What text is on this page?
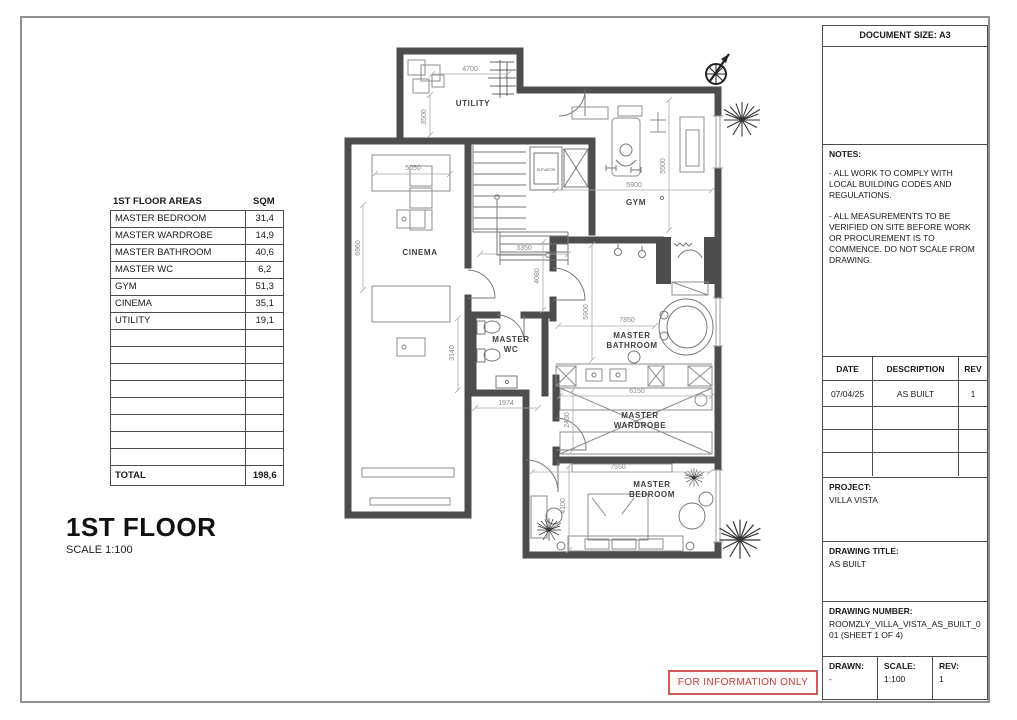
1ST FLOOR AREAS	SQM
MASTER BEDROOM	31,4
MASTER WARDROBE	14,9
MASTER BATHROOM	40,6
MASTER WC	6,2
GYM	51,3
CINEMA	35,1
UTILITY	19,1
TOTAL	198,6
1ST FLOOR
SCALE 1:100
ELEVATOR
UTILITY
CINEMA
GYM
MASTER
WC
MASTER
BATHROOM
MASTER
WARDROBE
MASTER
BEDROOM
4700
3500
5050
6960
5900
5500
3350
4080
5900
7850
3140
1974
6150
2430
7550
4100
DOCUMENT SIZE: A3
NOTES:

- ALL WORK TO COMPLY WITH LOCAL BUILDING CODES AND REGULATIONS.

- ALL MEASUREMENTS TO BE VERIFIED ON SITE BEFORE WORK OR PROCUREMENT IS TO COMMENCE. DO NOT SCALE FROM DRAWING.

DATE	DESCRIPTION	REV
07/04/25	AS BUILT	1
PROJECT:
VILLA VISTA
DRAWING TITLE:
AS BUILT
DRAWING NUMBER:
ROOMZLY_VILLA_VISTA_AS_BUILT_001 (SHEET 1 OF 4)
DRAWN:
-
SCALE:
1:100
REV:
1
FOR INFORMATION ONLY
